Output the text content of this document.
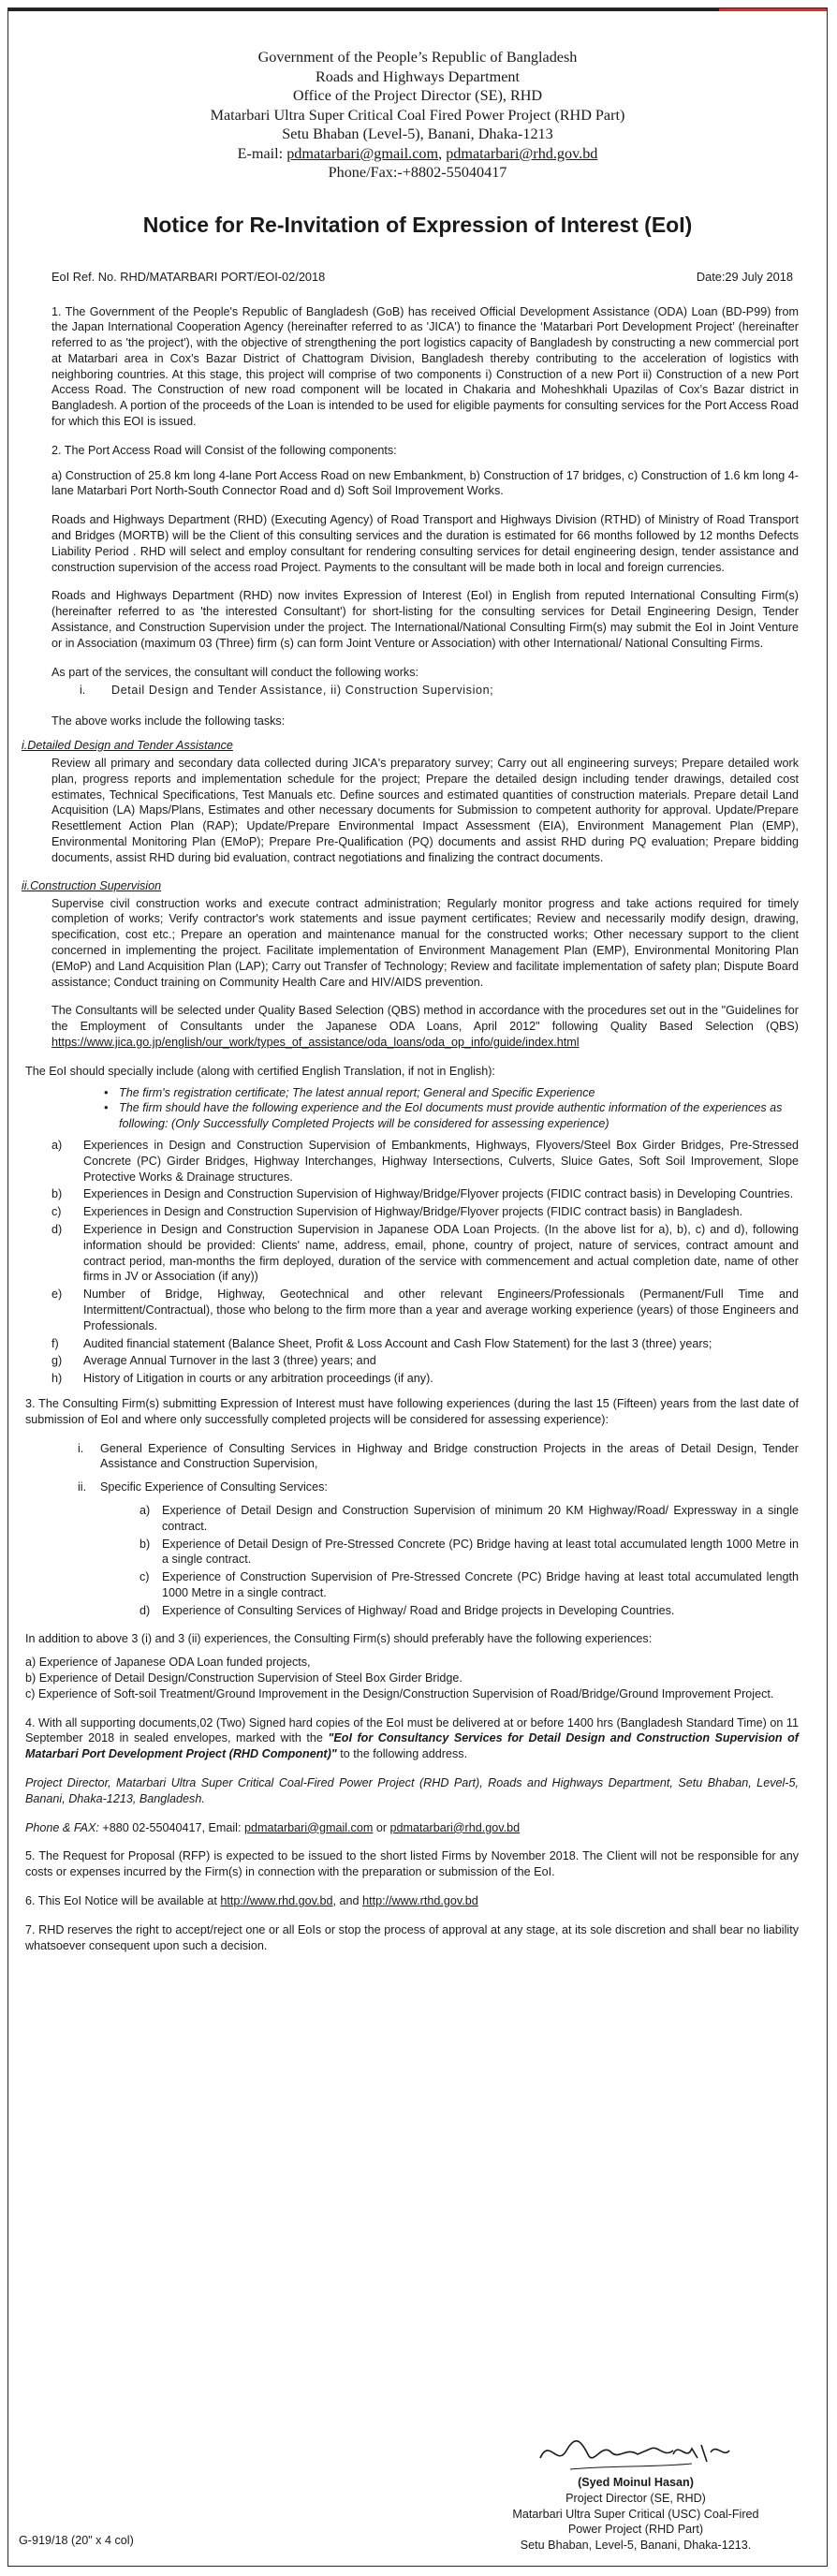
Government of the People’s Republic of Bangladesh
Roads and Highways Department
Office of the Project Director (SE), RHD
Matarbari Ultra Super Critical Coal Fired Power Project (RHD Part)
Setu Bhaban (Level-5), Banani, Dhaka-1213
E-mail: pdmatarbari@gmail.com, pdmatarbari@rhd.gov.bd
Phone/Fax:-+8802-55040417
Notice for Re-Invitation of Expression of Interest (EoI)
EoI Ref. No. RHD/MATARBARI PORT/EOI-02/2018	Date:29 July 2018

1. The Government of the People's Republic of Bangladesh (GoB) has received Official Development Assistance (ODA) Loan (BD-P99) from the Japan International Cooperation Agency (hereinafter referred to as 'JICA') to finance the ‘Matarbari Port Development Project’ (hereinafter referred to as 'the project'), with the objective of strengthening the port logistics capacity of Bangladesh by constructing a new commercial port at Matarbari area in Cox’s Bazar District of Chattogram Division, Bangladesh thereby contributing to the acceleration of logistics with neighboring countries. At this stage, this project will comprise of two components i) Construction of a new Port ii) Construction of a new Port Access Road. The Construction of new road component will be located in Chakaria and Moheshkhali Upazilas of Cox’s Bazar district in Bangladesh. A portion of the proceeds of the Loan is intended to be used for eligible payments for consulting services for the Port Access Road for which this EOI is issued.

2. The Port Access Road will Consist of the following components:

a) Construction of 25.8 km long 4-lane Port Access Road on new Embankment, b) Construction of 17 bridges, c) Construction of 1.6 km long 4-lane Matarbari Port North-South Connector Road and d) Soft Soil Improvement Works.

Roads and Highways Department (RHD) (Executing Agency) of Road Transport and Highways Division (RTHD) of Ministry of Road Transport and Bridges (MORTB) will be the Client of this consulting services and the duration is estimated for 66 months followed by 12 months Defects Liability Period . RHD will select and employ consultant for rendering consulting services for detail engineering design, tender assistance and construction supervision of the access road Project. Payments to the consultant will be made both in local and foreign currencies.

Roads and Highways Department (RHD) now invites Expression of Interest (EoI) in English from reputed International Consulting Firm(s) (hereinafter referred to as 'the interested Consultant') for short-listing for the consulting services for Detail Engineering Design, Tender Assistance, and Construction Supervision under the project. The International/National Consulting Firm(s) may submit the EoI in Joint Venture or in Association (maximum 03 (Three) firm (s) can form Joint Venture or Association) with other International/ National Consulting Firms.

As part of the services, the consultant will conduct the following works:

i.	Detail Design and Tender Assistance, ii) Construction Supervision;

The above works include the following tasks:

i.Detailed Design and Tender Assistance

Review all primary and secondary data collected during JICA's preparatory survey; Carry out all engineering surveys; Prepare detailed work plan, progress reports and implementation schedule for the project; Prepare the detailed design including tender drawings, detailed cost estimates, Technical Specifications, Test Manuals etc. Define sources and estimated quantities of construction materials. Prepare detail Land Acquisition (LA) Maps/Plans, Estimates and other necessary documents for Submission to competent authority for approval. Update/Prepare Resettlement Action Plan (RAP); Update/Prepare Environmental Impact Assessment (EIA), Environment Management Plan (EMP), Environmental Monitoring Plan (EMoP); Prepare Pre-Qualification (PQ) documents and assist RHD during PQ evaluation; Prepare bidding documents, assist RHD during bid evaluation, contract negotiations and finalizing the contract documents.

ii.Construction Supervision

Supervise civil construction works and execute contract administration; Regularly monitor progress and take actions required for timely completion of works; Verify contractor's work statements and issue payment certificates; Review and necessarily modify design, drawing, specification, cost etc.; Prepare an operation and maintenance manual for the constructed works; Other necessary support to the client concerned in implementing the project. Facilitate implementation of Environment Management Plan (EMP), Environmental Monitoring Plan (EMoP) and Land Acquisition Plan (LAP); Carry out Transfer of Technology; Review and facilitate implementation of safety plan; Dispute Board assistance; Conduct training on Community Health Care and HIV/AIDS prevention.

The Consultants will be selected under Quality Based Selection (QBS) method in accordance with the procedures set out in the "Guidelines for the Employment of Consultants under the Japanese ODA Loans, April 2012" following Quality Based Selection (QBS) https://www.jica.go.jp/english/our_work/types_of_assistance/oda_loans/oda_op_info/guide/index.html

The EoI should specially include (along with certified English Translation, if not in English):

• The firm's registration certificate; The latest annual report; General and Specific Experience
• The firm should have the following experience and the EoI documents must provide authentic information of the experiences as following: (Only Successfully Completed Projects will be considered for assessing experience)
a)	Experiences in Design and Construction Supervision of Embankments, Highways, Flyovers/Steel Box Girder Bridges, Pre-Stressed Concrete (PC) Girder Bridges, Highway Interchanges, Highway Intersections, Culverts, Sluice Gates, Soft Soil Improvement, Slope Protective Works & Drainage structures.
b)	Experiences in Design and Construction Supervision of Highway/Bridge/Flyover projects (FIDIC contract basis) in Developing Countries.
c)	Experiences in Design and Construction Supervision of Highway/Bridge/Flyover projects (FIDIC contract basis) in Bangladesh.
d)	Experience in Design and Construction Supervision in Japanese ODA Loan Projects. (In the above list for a), b), c) and d), following information should be provided: Clients' name, address, email, phone, country of project, nature of services, contract amount and contract period, man-months the firm deployed, duration of the service with commencement and actual completion date, name of other firms in JV or Association (if any))
e)	Number of Bridge, Highway, Geotechnical and other relevant Engineers/Professionals (Permanent/Full Time and Intermittent/Contractual), those who belong to the firm more than a year and average working experience (years) of those Engineers and Professionals.
f)	Audited financial statement (Balance Sheet, Profit & Loss Account and Cash Flow Statement) for the last 3 (three) years;
g)	Average Annual Turnover in the last 3 (three) years; and
h)	History of Litigation in courts or any arbitration proceedings (if any).

3. The Consulting Firm(s) submitting Expression of Interest must have following experiences (during the last 15 (Fifteen) years from the last date of submission of EoI and where only successfully completed projects will be considered for assessing experience):

i.	General Experience of Consulting Services in Highway and Bridge construction Projects in the areas of Detail Design, Tender Assistance and Construction Supervision,
ii.	Specific Experience of Consulting Services:
a)	Experience of Detail Design and Construction Supervision of minimum 20 KM Highway/Road/ Expressway in a single contract.
b)	Experience of Detail Design of Pre-Stressed Concrete (PC) Bridge having at least total accumulated length 1000 Metre in a single contract.
c)	Experience of Construction Supervision of Pre-Stressed Concrete (PC) Bridge having at least total accumulated length 1000 Metre in a single contract.
d)	Experience of Consulting Services of Highway/ Road and Bridge projects in Developing Countries.

In addition to above 3 (i) and 3 (ii) experiences, the Consulting Firm(s) should preferably have the following experiences:

a) Experience of Japanese ODA Loan funded projects,

b) Experience of Detail Design/Construction Supervision of Steel Box Girder Bridge.

c) Experience of Soft-soil Treatment/Ground Improvement in the Design/Construction Supervision of Road/Bridge/Ground Improvement Project.

4. With all supporting documents,02 (Two) Signed hard copies of the EoI must be delivered at or before 1400 hrs (Bangladesh Standard Time) on 11 September 2018 in sealed envelopes, marked with the "EoI for Consultancy Services for Detail Design and Construction Supervision of Matarbari Port Development Project (RHD Component)" to the following address.

Project Director, Matarbari Ultra Super Critical Coal-Fired Power Project (RHD Part), Roads and Highways Department, Setu Bhaban, Level-5, Banani, Dhaka-1213, Bangladesh.

Phone & FAX: +880 02-55040417, Email: pdmatarbari@gmail.com or pdmatarbari@rhd.gov.bd

5. The Request for Proposal (RFP) is expected to be issued to the short listed Firms by November 2018. The Client will not be responsible for any costs or expenses incurred by the Firm(s) in connection with the preparation or submission of the EoI.

6. This EoI Notice will be available at http://www.rhd.gov.bd, and http://www.rthd.gov.bd

7. RHD reserves the right to accept/reject one or all EoIs or stop the process of approval at any stage, at its sole discretion and shall bear no liability whatsoever consequent upon such a decision.

(Syed Moinul Hasan)
Project Director (SE, RHD)
Matarbari Ultra Super Critical (USC) Coal-Fired
Power Project (RHD Part)
Setu Bhaban, Level-5, Banani, Dhaka-1213.
G-919/18 (20" x 4 col)
